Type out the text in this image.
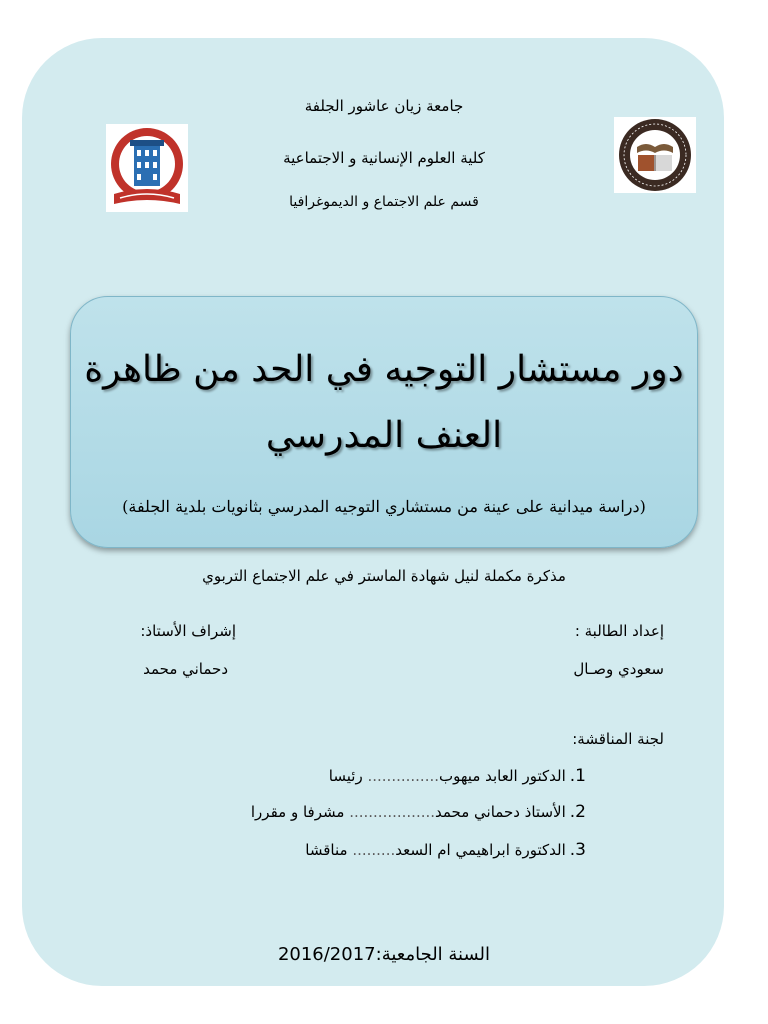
جامعة زيان عاشور الجلفة
كلية العلوم الإنسانية و الاجتماعية
قسم علم الاجتماع و الديموغرافيا
دور مستشار التوجيه في الحد من ظاهرة
العنف المدرسي
(دراسة ميدانية على عينة من مستشاري التوجيه المدرسي بثانويات بلدية الجلفة)
مذكرة مكملة لنيل شهادة الماستر في علم الاجتماع التربوي
إعداد الطالبة :
سعودي وصـال
إشراف الأستاذ:
دحماني محمد
لجنة المناقشة:
1.الدكتور العابد ميهوب............... رئيسا
2.الأستاذ دحماني محمد.................. مشرفا و مقررا
3.الدكتورة ابراهيمي ام السعد......... مناقشا
السنة الجامعية:2016/2017
